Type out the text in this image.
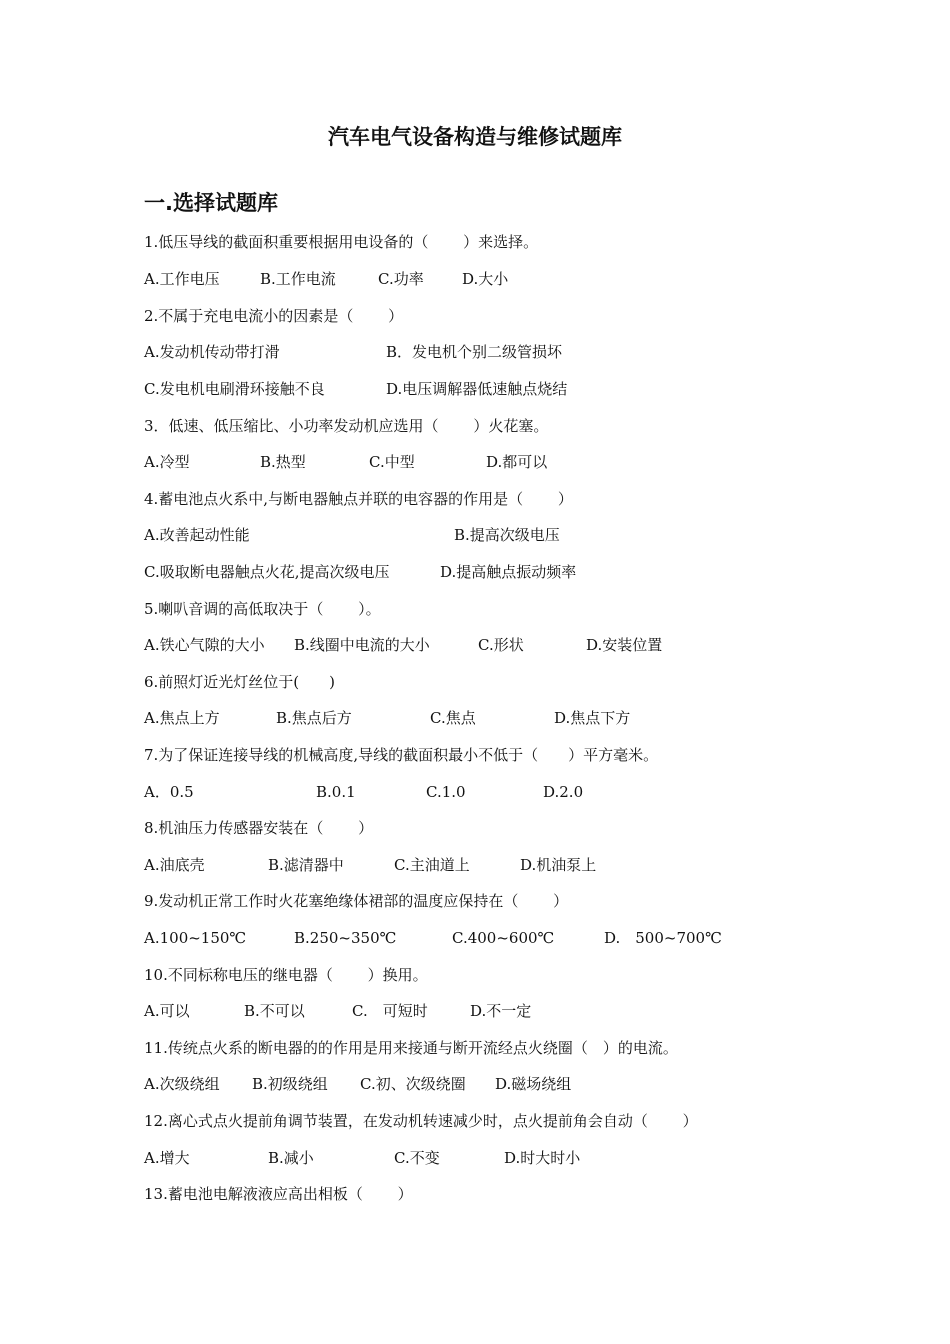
汽车电气设备构造与维修试题库
一.选择试题库
1.低压导线的截面积重要根据用电设备的（　　 ）来选择。

A.工作电压

	B.工作电流

	C.功率

	D.大小

2.不属于充电电流小的因素是（　　 ）

A.发动机传动带打滑

	B．发电机个别二级管损坏

C.发电机电刷滑环接触不良

	D.电压调解器低速触点烧结

3．低速、低压缩比、小功率发动机应选用（　　 ）火花塞。

A.冷型

	B.热型

	C.中型

	D.都可以

4.蓄电池点火系中,与断电器触点并联的电容器的作用是（　　 ）

A.改善起动性能

	B.提高次级电压

C.吸取断电器触点火花,提高次级电压

	D.提高触点振动频率

5.喇叭音调的高低取决于（　　 ）。

A.铁心气隙的大小

B.线圈中电流的大小

	C.形状

	D.安装位置

6.前照灯近光灯丝位于(　　)

A.焦点上方

	B.焦点后方

	C.焦点

	D.焦点下方

7.为了保证连接导线的机械高度,导线的截面积最小不低于（　　）平方毫米。

A．0.5

	B.0.1

	C.1.0

	D.2.0

8.机油压力传感器安装在（　　 ）

A.油底壳

	B.滤清器中

	C.主油道上

	D.机油泵上

9.发动机正常工作时火花塞绝缘体裙部的温度应保持在（　　 ）

A.100~150℃

	B.250~350℃

	C.400~600℃

	D.　500~700℃

10.不同标称电压的继电器（　　 ）换用。

A.可以

	B.不可以

	C.　可短时

	D.不一定

11.传统点火系的断电器的的作用是用来接通与断开流经点火绕圈（　）的电流。

A.次级绕组

B.初级绕组

C.初、次级绕圈

D.磁场绕组

12.离心式点火提前角调节装置，在发动机转速减少时，点火提前角会自动（　　 ）

A.增大

	B.减小

	C.不变

	D.时大时小

13.蓄电池电解液液应高出相板（　　 ）
